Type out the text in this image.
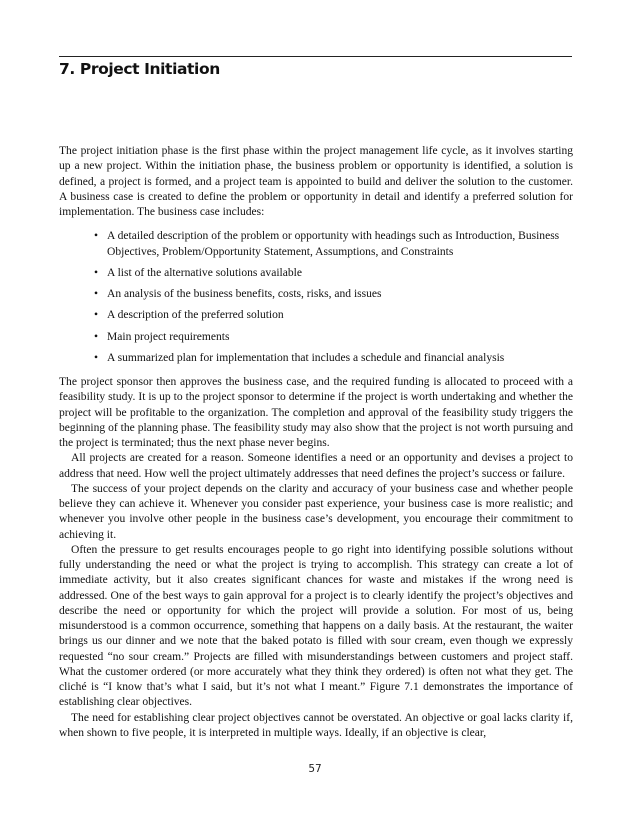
7. Project Initiation

The project initiation phase is the first phase within the project management life cycle, as it involves starting up a new project. Within the initiation phase, the business problem or opportunity is identified, a solution is defined, a project is formed, and a project team is appointed to build and deliver the solution to the customer. A business case is created to define the problem or opportunity in detail and identify a preferred solution for implementation. The business case includes:

• A detailed description of the problem or opportunity with headings such as Introduction, Business Objectives, Problem/Opportunity Statement, Assumptions, and Constraints
• A list of the alternative solutions available
• An analysis of the business benefits, costs, risks, and issues
• A description of the preferred solution
• Main project requirements
• A summarized plan for implementation that includes a schedule and financial analysis

The project sponsor then approves the business case, and the required funding is allocated to proceed with a feasibility study. It is up to the project sponsor to determine if the project is worth undertaking and whether the project will be profitable to the organization. The completion and approval of the feasibility study triggers the beginning of the planning phase. The feasibility study may also show that the project is not worth pursuing and the project is terminated; thus the next phase never begins.

All projects are created for a reason. Someone identifies a need or an opportunity and devises a project to address that need. How well the project ultimately addresses that need defines the project’s success or failure.

The success of your project depends on the clarity and accuracy of your business case and whether people believe they can achieve it. Whenever you consider past experience, your business case is more realistic; and whenever you involve other people in the business case’s development, you encourage their commitment to achieving it.

Often the pressure to get results encourages people to go right into identifying possible solutions without fully understanding the need or what the project is trying to accomplish. This strategy can create a lot of immediate activity, but it also creates significant chances for waste and mistakes if the wrong need is addressed. One of the best ways to gain approval for a project is to clearly identify the project’s objectives and describe the need or opportunity for which the project will provide a solution. For most of us, being misunderstood is a common occurrence, something that happens on a daily basis. At the restaurant, the waiter brings us our dinner and we note that the baked potato is filled with sour cream, even though we expressly requested “no sour cream.” Projects are filled with misunderstandings between customers and project staff. What the customer ordered (or more accurately what they think they ordered) is often not what they get. The cliché is “I know that’s what I said, but it’s not what I meant.” Figure 7.1 demonstrates the importance of establishing clear objectives.

The need for establishing clear project objectives cannot be overstated. An objective or goal lacks clarity if, when shown to five people, it is interpreted in multiple ways. Ideally, if an objective is clear,

57
